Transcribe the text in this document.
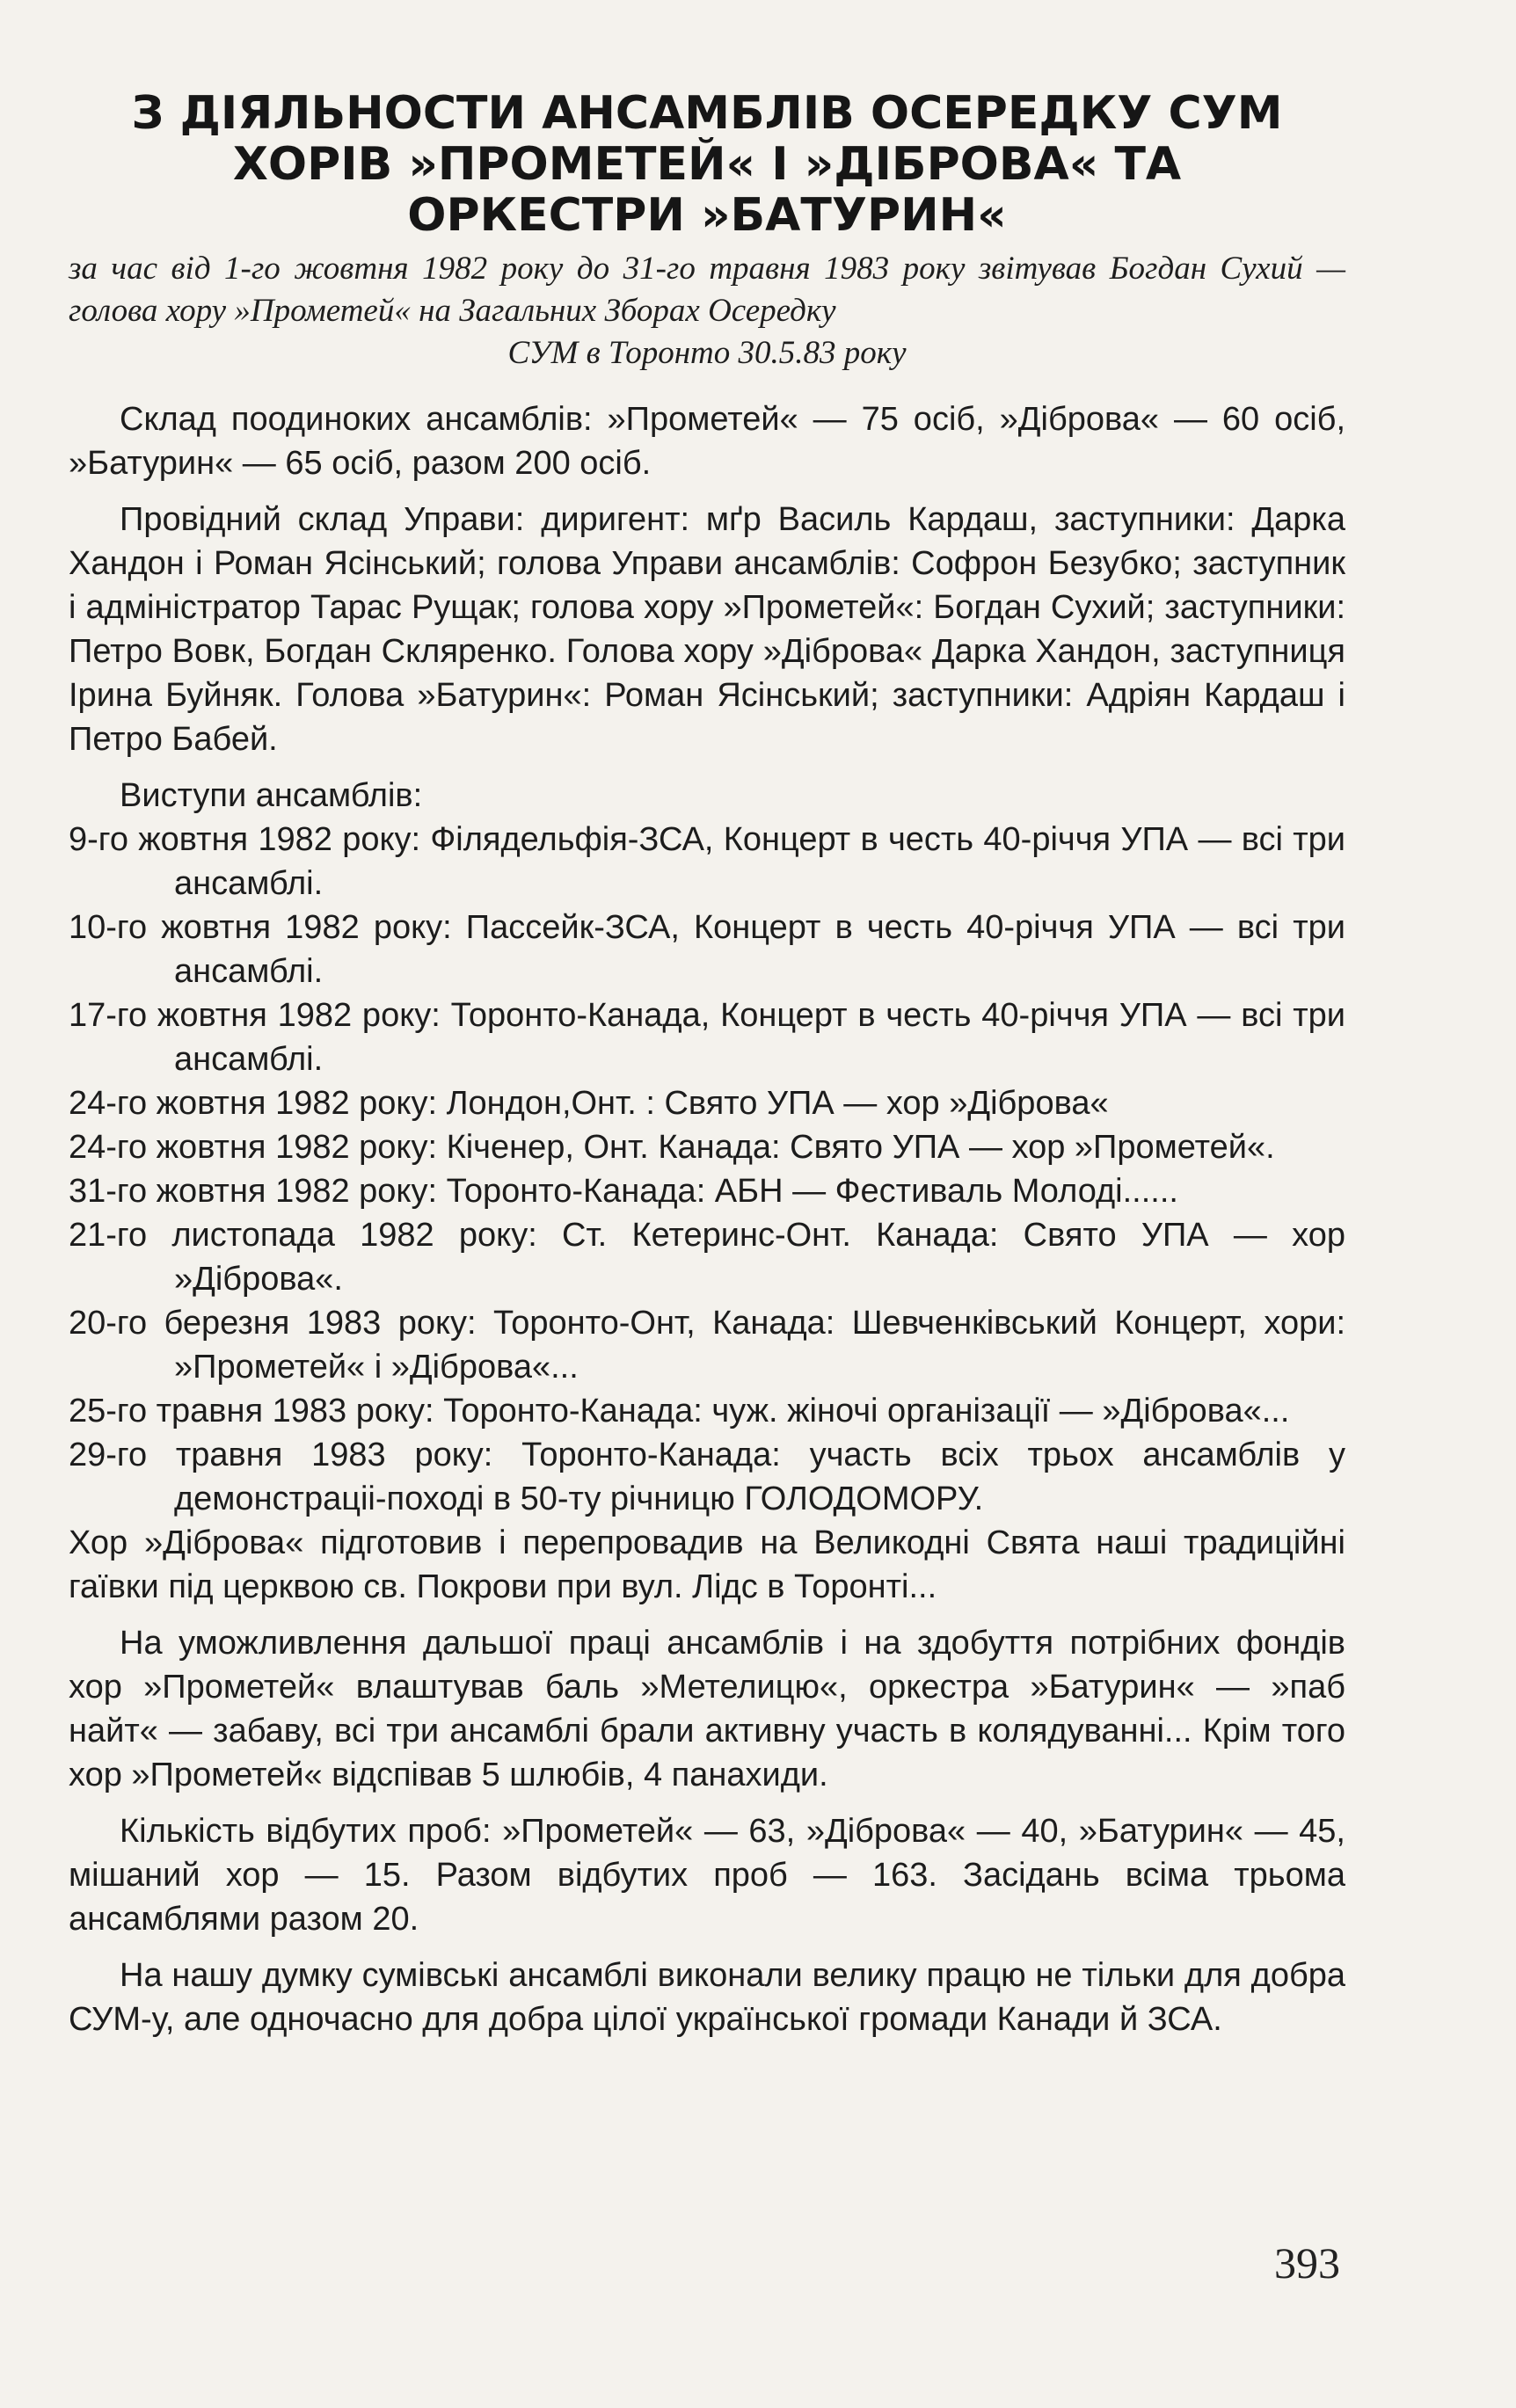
З ДІЯЛЬНОСТИ АНСАМБЛІВ ОСЕРЕДКУ СУМ

ХОРІВ »ПРОМЕТЕЙ« І »ДІБРОВА« ТА

ОРКЕСТРИ »БАТУРИН«

за час від 1-го жовтня 1982 року до 31-го травня 1983 року звітував Богдан Сухий — голова хору »Прометей« на Загальних Зборах Осередку
СУМ в Торонто 30.5.83 року

Склад поодиноких ансамблів: »Прометей« — 75 осіб, »Діброва« — 60 осіб, »Батурин« — 65 осіб, разом 200 осіб.

Провідний склад Управи: диригент: мґр Василь Кардаш, заступники: Дарка Хандон і Роман Ясінський; голова Управи ансамблів: Софрон Безубко; заступник і адміністратор Тарас Рущак; голова хору »Прометей«: Богдан Сухий; заступники: Петро Вовк, Богдан Скляренко. Голова хору »Діброва« Дарка Хандон, заступниця Ірина Буйняк. Голова »Батурин«: Роман Ясінський; заступники: Адріян Кардаш і Петро Бабей.

Виступи ансамблів:

9-го жовтня 1982 року: Філядельфія-ЗСА, Концерт в честь 40-річчя УПА — всі три ансамблі.
10-го жовтня 1982 року: Пассейк-ЗСА, Концерт в честь 40-річчя УПА — всі три ансамблі.
17-го жовтня 1982 року: Торонто-Канада, Концерт в честь 40-річчя УПА — всі три ансамблі.
24-го жовтня 1982 року: Лондон,Онт. : Свято УПА — хор »Діброва«
24-го жовтня 1982 року: Кіченер, Онт. Канада: Свято УПА — хор »Прометей«.
31-го жовтня 1982 року: Торонто-Канада: АБН — Фестиваль Молоді......
21-го листопада 1982 року: Ст. Кетеринс-Онт. Канада: Свято УПА — хор »Діброва«.
20-го березня 1983 року: Торонто-Онт, Канада: Шевченківський Концерт, хори: »Прометей« і »Діброва«...
25-го травня 1983 року: Торонто-Канада: чуж. жіночі організації — »Діброва«...
29-го травня 1983 року: Торонто-Канада: участь всіх трьох ансамблів у демонстраціі-поході в 50-ту річницю ГОЛОДОМОРУ.

Хор »Діброва« підготовив і перепровадив на Великодні Свята наші традиційні гаївки під церквою св. Покрови при вул. Лідс в Торонті...

На уможливлення дальшої праці ансамблів і на здобуття потрібних фондів хор »Прометей« влаштував баль »Метелицю«, оркестра »Батурин« — »паб найт« — забаву, всі три ансамблі брали активну участь в колядуванні... Крім того хор »Прометей« відспівав 5 шлюбів, 4 панахиди.

Кількість відбутих проб: »Прометей« — 63, »Діброва« — 40, »Батурин« — 45, мішаний хор — 15. Разом відбутих проб — 163. Засідань всіма трьома ансамблями разом 20.

На нашу думку сумівські ансамблі виконали велику працю не тільки для добра СУМ-у, але одночасно для добра цілої української громади Канади й ЗСА.

393
